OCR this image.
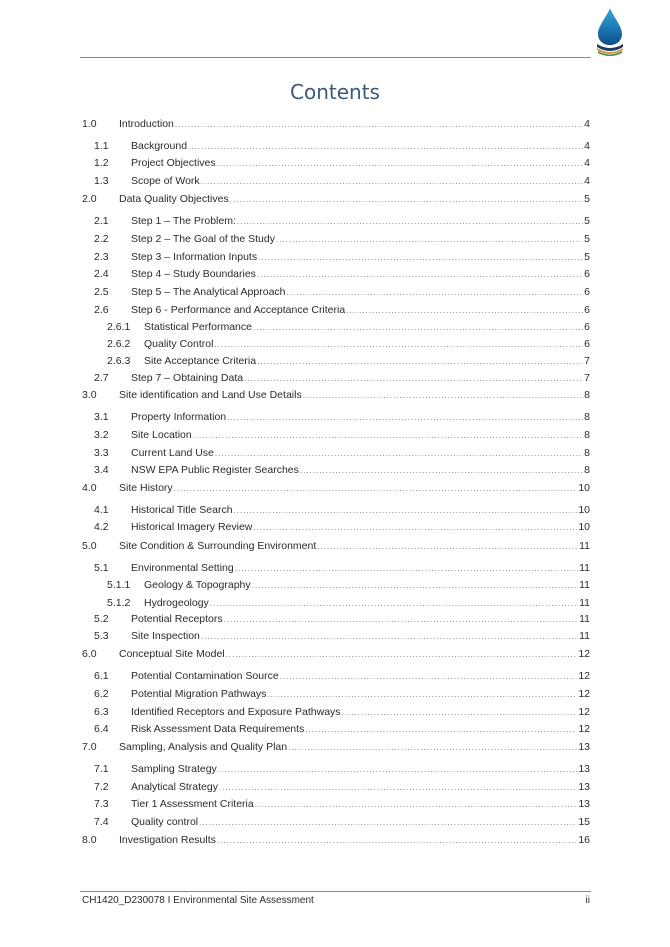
Contents
1.0	Introduction .....	4
1.1	Background .....	4
1.2	Project Objectives .....	4
1.3	Scope of Work .....	4
2.0	Data Quality Objectives .....	5
2.1	Step 1 – The Problem: .....	5
2.2	Step 2 – The Goal of the Study .....	5
2.3	Step 3 – Information Inputs .....	5
2.4	Step 4 – Study Boundaries .....	6
2.5	Step 5 – The Analytical Approach .....	6
2.6	Step 6 - Performance and Acceptance Criteria .....	6
2.6.1	Statistical Performance .....	6
2.6.2	Quality Control .....	6
2.6.3	Site Acceptance Criteria .....	7
2.7	Step 7 – Obtaining Data .....	7
3.0	Site identification and Land Use Details .....	8
3.1	Property Information .....	8
3.2	Site Location .....	8
3.3	Current Land Use .....	8
3.4	NSW EPA Public Register Searches .....	8
4.0	Site History .....	10
4.1	Historical Title Search .....	10
4.2	Historical Imagery Review .....	10
5.0	Site Condition & Surrounding Environment .....	11
5.1	Environmental Setting .....	11
5.1.1	Geology & Topography .....	11
5.1.2	Hydrogeology .....	11
5.2	Potential Receptors .....	11
5.3	Site Inspection .....	11
6.0	Conceptual Site Model .....	12
6.1	Potential Contamination Source .....	12
6.2	Potential Migration Pathways .....	12
6.3	Identified Receptors and Exposure Pathways .....	12
6.4	Risk Assessment Data Requirements .....	12
7.0	Sampling, Analysis and Quality Plan .....	13
7.1	Sampling Strategy .....	13
7.2	Analytical Strategy .....	13
7.3	Tier 1 Assessment Criteria .....	13
7.4	Quality control .....	15
8.0	Investigation Results .....	16
CH1420_D230078 I Environmental Site Assessment	ii
